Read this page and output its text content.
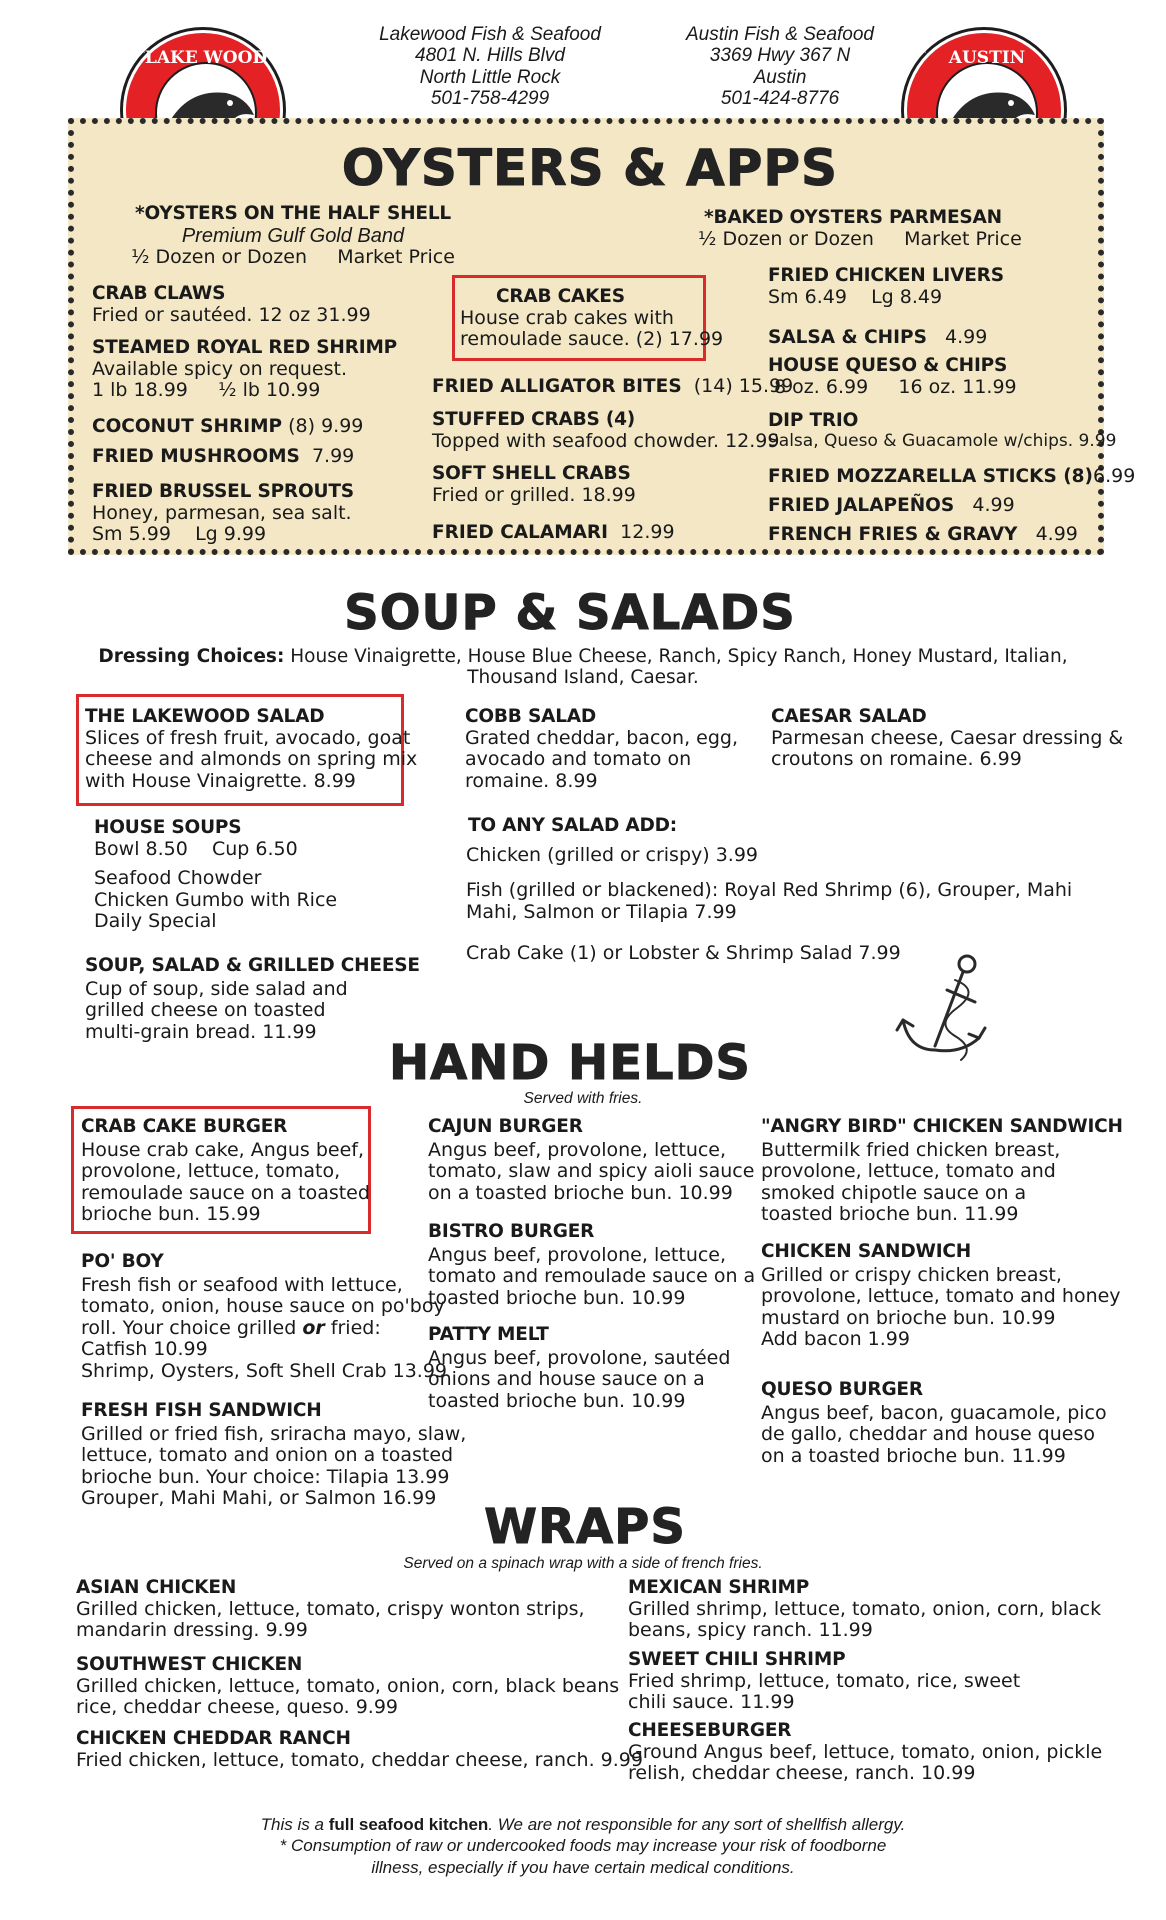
★	★
LAKE WOOD	★	★
AUSTIN
Lakewood Fish & Seafood
4801 N. Hills Blvd
North Little Rock
501-758-4299
Austin Fish & Seafood
3369 Hwy 367 N
Austin
501-424-8776
OYSTERS & APPS
*OYSTERS ON THE HALF SHELL
Premium Gulf Gold Band
½ Dozen or Dozen Market Price
*BAKED OYSTERS PARMESAN
½ Dozen or Dozen Market Price
CRAB CLAWS
Fried or sautéed. 12 oz 31.99
STEAMED ROYAL RED SHRIMP
Available spicy on request.
1 lb 18.99 ½ lb 10.99
COCONUT SHRIMP (8) 9.99
FRIED MUSHROOMS 7.99
FRIED BRUSSEL SPROUTS
Honey, parmesan, sea salt.
Sm 5.99 Lg 9.99
CRAB CAKES
House crab cakes with
remoulade sauce. (2) 17.99
FRIED ALLIGATOR BITES (14) 15.99
STUFFED CRABS (4)
Topped with seafood chowder. 12.99
SOFT SHELL CRABS
Fried or grilled. 18.99
FRIED CALAMARI 12.99
FRIED CHICKEN LIVERS
Sm 6.49 Lg 8.49
SALSA & CHIPS 4.99
HOUSE QUESO & CHIPS
8 oz. 6.99 16 oz. 11.99
DIP TRIO
Salsa, Queso & Guacamole w/chips. 9.99
FRIED MOZZARELLA STICKS (8)6.99
FRIED JALAPEÑOS 4.99
FRENCH FRIES & GRAVY 4.99
SOUP & SALADS
Dressing Choices: House Vinaigrette, House Blue Cheese, Ranch, Spicy Ranch, Honey Mustard, Italian,
Thousand Island, Caesar.
THE LAKEWOOD SALAD
Slices of fresh fruit, avocado, goat
cheese and almonds on spring mix
with House Vinaigrette. 8.99
COBB SALAD
Grated cheddar, bacon, egg,
avocado and tomato on
romaine. 8.99
CAESAR SALAD
Parmesan cheese, Caesar dressing &
croutons on romaine. 6.99
HOUSE SOUPS
Bowl 8.50 Cup 6.50
Seafood Chowder
Chicken Gumbo with Rice
Daily Special
SOUP, SALAD & GRILLED CHEESE
Cup of soup, side salad and
grilled cheese on toasted
multi-grain bread. 11.99
TO ANY SALAD ADD:
Chicken (grilled or crispy) 3.99
Fish (grilled or blackened): Royal Red Shrimp (6), Grouper, Mahi
Mahi, Salmon or Tilapia 7.99
Crab Cake (1) or Lobster & Shrimp Salad 7.99
HAND HELDS
Served with fries.
CRAB CAKE BURGER
House crab cake, Angus beef,
provolone, lettuce, tomato,
remoulade sauce on a toasted
brioche bun. 15.99
PO' BOY
Fresh fish or seafood with lettuce,
tomato, onion, house sauce on po'boy
roll. Your choice grilled or fried:
Catfish 10.99
Shrimp, Oysters, Soft Shell Crab 13.99
FRESH FISH SANDWICH
Grilled or fried fish, sriracha mayo, slaw,
lettuce, tomato and onion on a toasted
brioche bun. Your choice: Tilapia 13.99
Grouper, Mahi Mahi, or Salmon 16.99
CAJUN BURGER
Angus beef, provolone, lettuce,
tomato, slaw and spicy aioli sauce
on a toasted brioche bun. 10.99
BISTRO BURGER
Angus beef, provolone, lettuce,
tomato and remoulade sauce on a
toasted brioche bun. 10.99
PATTY MELT
Angus beef, provolone, sautéed
onions and house sauce on a
toasted brioche bun. 10.99
"ANGRY BIRD" CHICKEN SANDWICH
Buttermilk fried chicken breast,
provolone, lettuce, tomato and
smoked chipotle sauce on a
toasted brioche bun. 11.99
CHICKEN SANDWICH
Grilled or crispy chicken breast,
provolone, lettuce, tomato and honey
mustard on brioche bun. 10.99
Add bacon 1.99
QUESO BURGER
Angus beef, bacon, guacamole, pico
de gallo, cheddar and house queso
on a toasted brioche bun. 11.99
WRAPS
Served on a spinach wrap with a side of french fries.
ASIAN CHICKEN
Grilled chicken, lettuce, tomato, crispy wonton strips,
mandarin dressing. 9.99
SOUTHWEST CHICKEN
Grilled chicken, lettuce, tomato, onion, corn, black beans
rice, cheddar cheese, queso. 9.99
CHICKEN CHEDDAR RANCH
Fried chicken, lettuce, tomato, cheddar cheese, ranch. 9.99
MEXICAN SHRIMP
Grilled shrimp, lettuce, tomato, onion, corn, black
beans, spicy ranch. 11.99
SWEET CHILI SHRIMP
Fried shrimp, lettuce, tomato, rice, sweet
chili sauce. 11.99
CHEESEBURGER
Ground Angus beef, lettuce, tomato, onion, pickle
relish, cheddar cheese, ranch. 10.99
This is a full seafood kitchen. We are not responsible for any sort of shellfish allergy.
* Consumption of raw or undercooked foods may increase your risk of foodborne
illness, especially if you have certain medical conditions.
